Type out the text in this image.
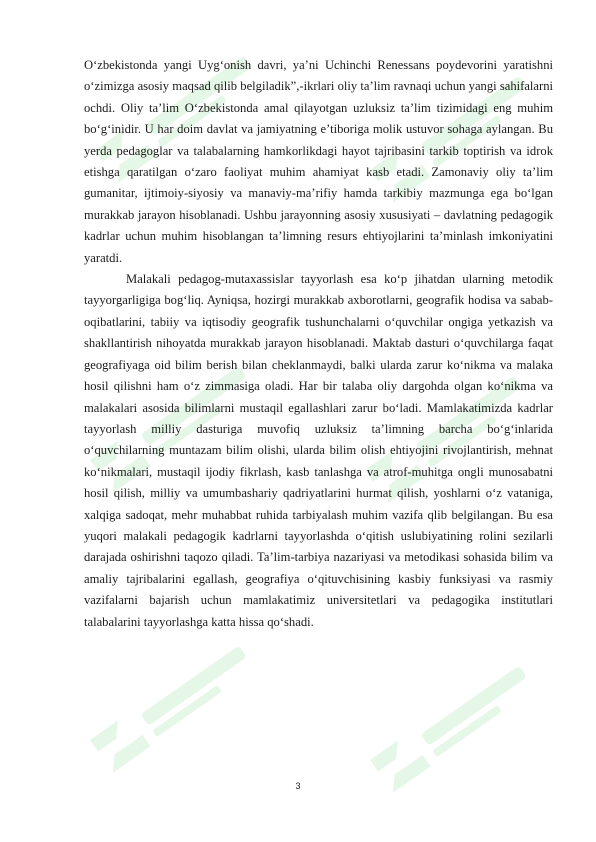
O‘zbekistonda yangi Uyg‘onish davri, ya’ni Uchinchi Renessans poydevorini yaratishni o‘zimizga asosiy maqsad qilib belgiladik”,-ikrlari oliy ta’lim ravnaqi uchun yangi sahifalarni ochdi. Oliy ta’lim O‘zbekistonda amal qilayotgan uzluksiz ta’lim tizimidagi eng muhim bo‘g‘inidir. U har doim davlat va jamiyatning e’tiboriga molik ustuvor sohaga aylangan. Bu yerda pedagoglar va talabalarning hamkorlikdagi hayot tajribasini tarkib toptirish va idrok etishga qaratilgan o‘zaro faoliyat muhim ahamiyat kasb etadi. Zamonaviy oliy ta’lim gumanitar, ijtimoiy-siyosiy va manaviy-ma’rifiy hamda tarkibiy mazmunga ega bo‘lgan murakkab jarayon hisoblanadi. Ushbu jarayonning asosiy xususiyati – davlatning pedagogik kadrlar uchun muhim hisoblangan ta’limning resurs ehtiyojlarini ta’minlash imkoniyatini yaratdi.

Malakali pedagog-mutaxassislar tayyorlash esa ko‘p jihatdan ularning metodik tayyorgarligiga bog‘liq. Ayniqsa, hozirgi murakkab axborotlarni, geografik hodisa va sabab-oqibatlarini, tabiiy va iqtisodiy geografik tushunchalarni o‘quvchilar ongiga yetkazish va shakllantirish nihoyatda murakkab jarayon hisoblanadi. Maktab dasturi o‘quvchilarga faqat geografiyaga oid bilim berish bilan cheklanmaydi, balki ularda zarur ko‘nikma va malaka hosil qilishni ham o‘z zimmasiga oladi. Har bir talaba oliy dargohda olgan ko‘nikma va malakalari asosida bilimlarni mustaqil egallashlari zarur bo‘ladi. Mamlakatimizda kadrlar tayyorlash milliy dasturiga muvofiq uzluksiz ta’limning barcha bo‘g‘inlarida o‘quvchilarning muntazam bilim olishi, ularda bilim olish ehtiyojini rivojlantirish, mehnat ko‘nikmalari, mustaqil ijodiy fikrlash, kasb tanlashga va atrof-muhitga ongli munosabatni hosil qilish, milliy va umumbashariy qadriyatlarini hurmat qilish, yoshlarni o‘z vataniga, xalqiga sadoqat, mehr muhabbat ruhida tarbiyalash muhim vazifa qlib belgilangan. Bu esa yuqori malakali pedagogik kadrlarni tayyorlashda o‘qitish uslubiyatining rolini sezilarli darajada oshirishni taqozo qiladi. Ta’lim-tarbiya nazariyasi va metodikasi sohasida bilim va amaliy tajribalarini egallash, geografiya o‘qituvchisining kasbiy funksiyasi va rasmiy vazifalarni bajarish uchun mamlakatimiz universitetlari va pedagogika institutlari talabalarini tayyorlashga katta hissa qo‘shadi.

3
